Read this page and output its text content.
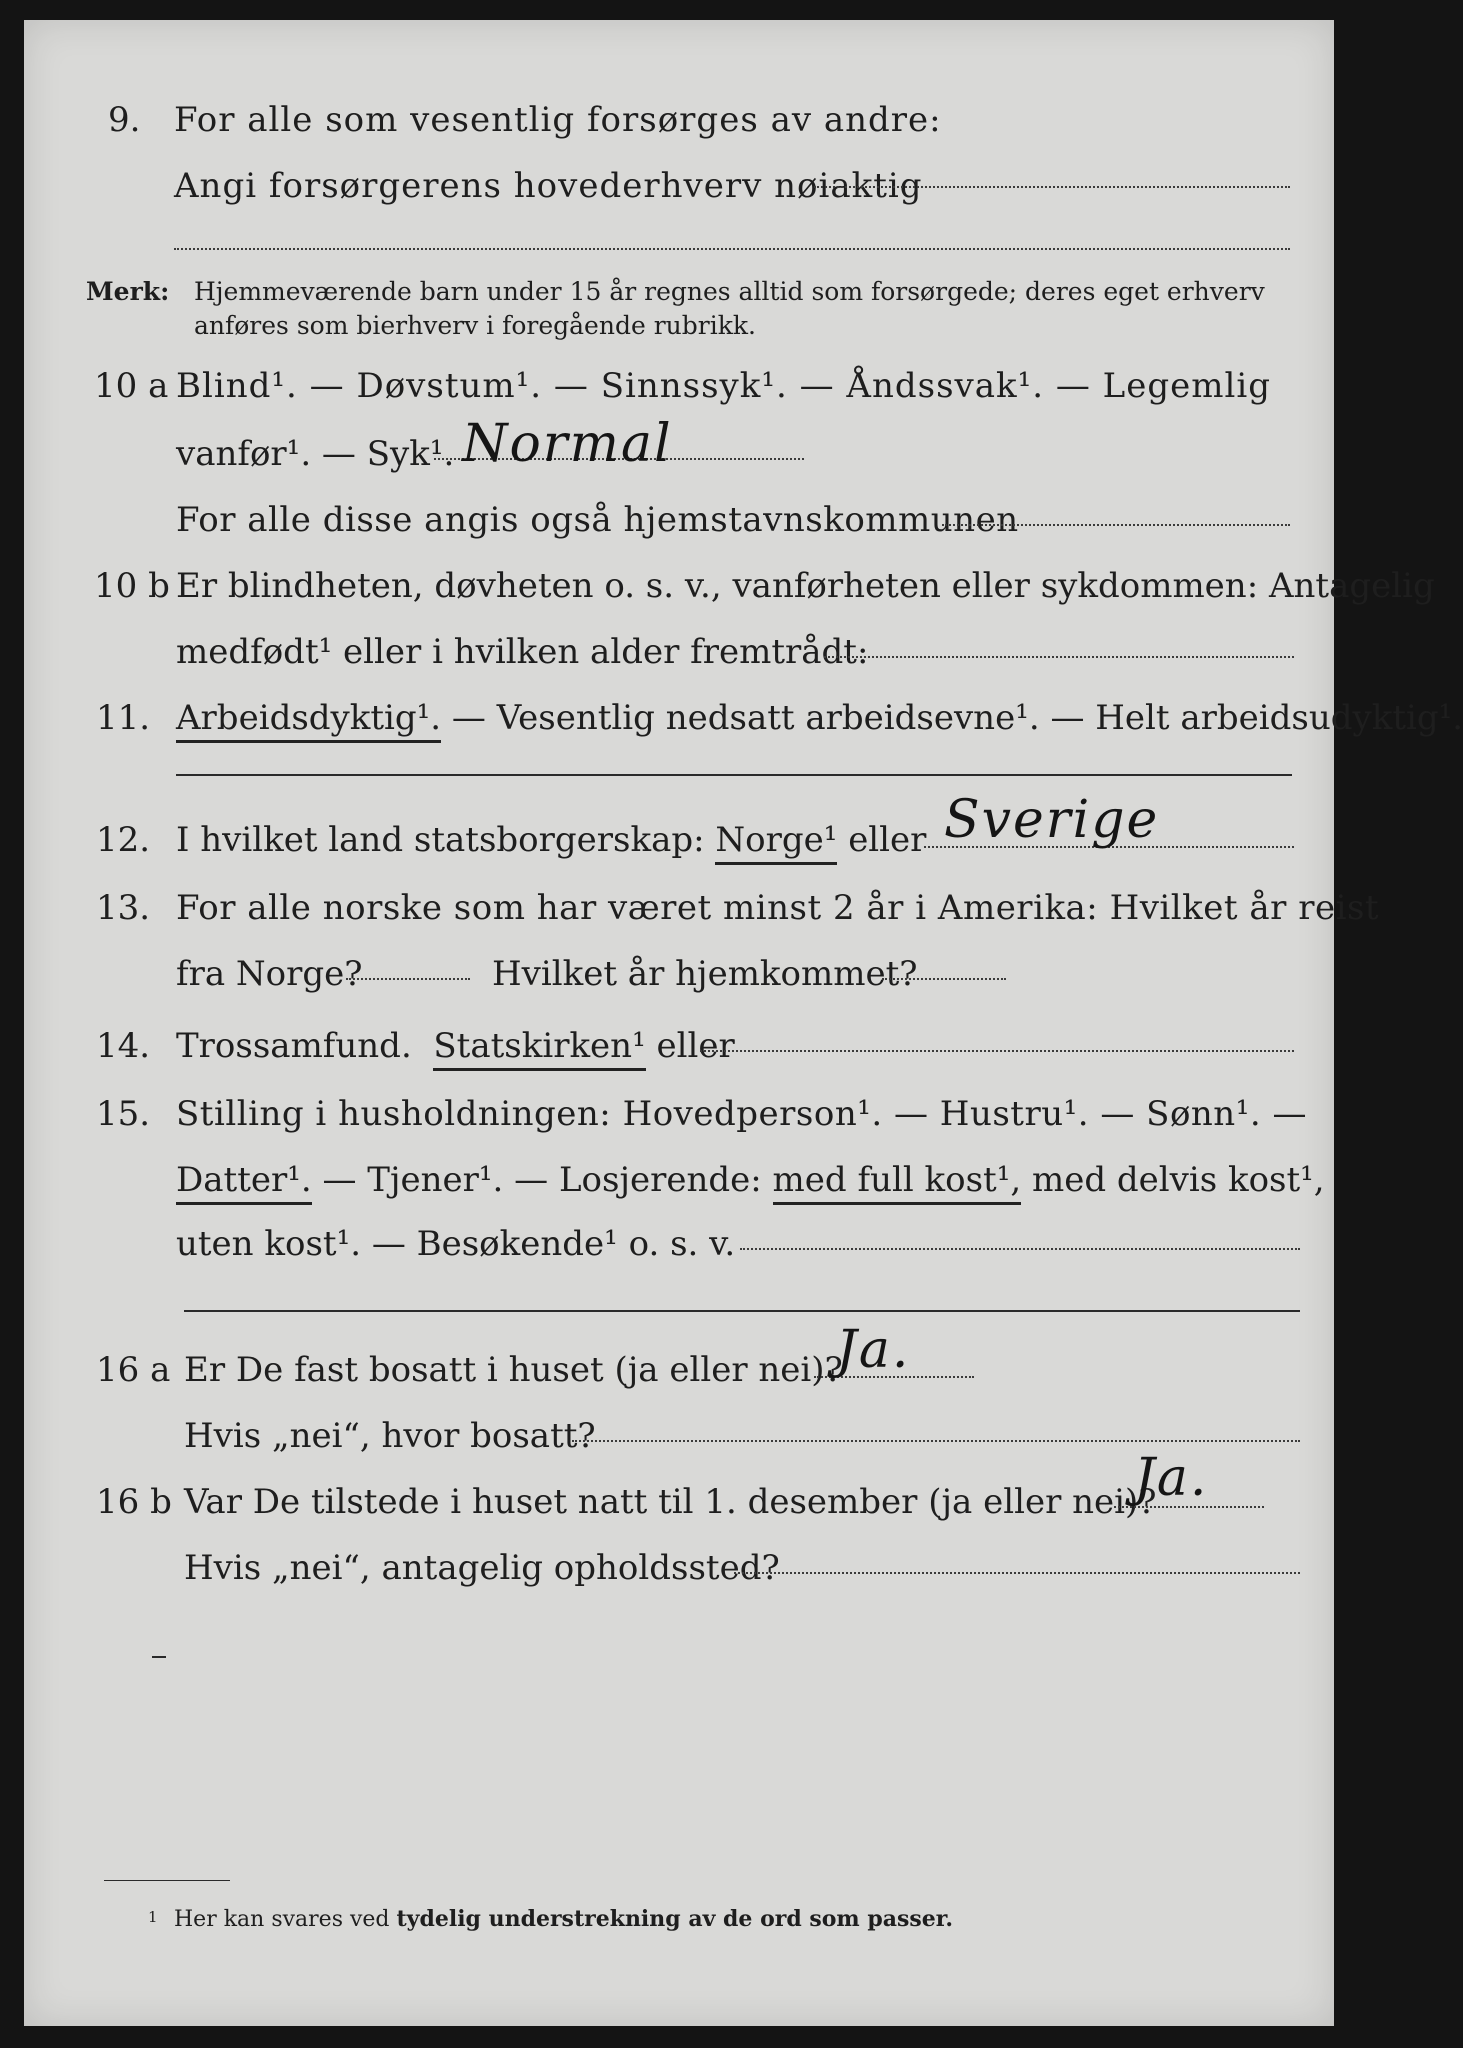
9. For alle som vesentlig forsørges av andre:
Angi forsørgerens hovederhverv nøiaktig
Merk: Hjemmeværende barn under 15 år regnes alltid som forsørgede; deres eget erhverv
anføres som bierhverv i foregående rubrikk.
10 a Blind¹. — Døvstum¹. — Sinnssyk¹. — Åndssvak¹. — Legemlig
vanfør¹. — Syk¹. Normal
For alle disse angis også hjemstavnskommunen
10 b Er blindheten, døvheten o. s. v., vanførheten eller sykdommen: Antagelig
medfødt¹ eller i hvilken alder fremtrådt:
11. Arbeidsdyktig¹. — Vesentlig nedsatt arbeidsevne¹. — Helt arbeidsudyktig¹.
12. I hvilket land statsborgerskap: Norge¹ eller Sverige
13. For alle norske som har været minst 2 år i Amerika: Hvilket år reist
fra Norge?	Hvilket år hjemkommet?
14. Trossamfund. Statskirken¹ eller
15. Stilling i husholdningen: Hovedperson¹. — Hustru¹. — Sønn¹. —
Datter¹. — Tjener¹. — Losjerende: med full kost¹, med delvis kost¹,
uten kost¹. — Besøkende¹ o. s. v.
16 a Er De fast bosatt i huset (ja eller nei)?
Ja.
Hvis „nei“, hvor bosatt?
16 b Var De tilstede i huset natt til 1. desember (ja eller nei)?
Ja.
Hvis „nei“, antagelig opholdssted?
1 Her kan svares ved tydelig understrekning av de ord som passer.
